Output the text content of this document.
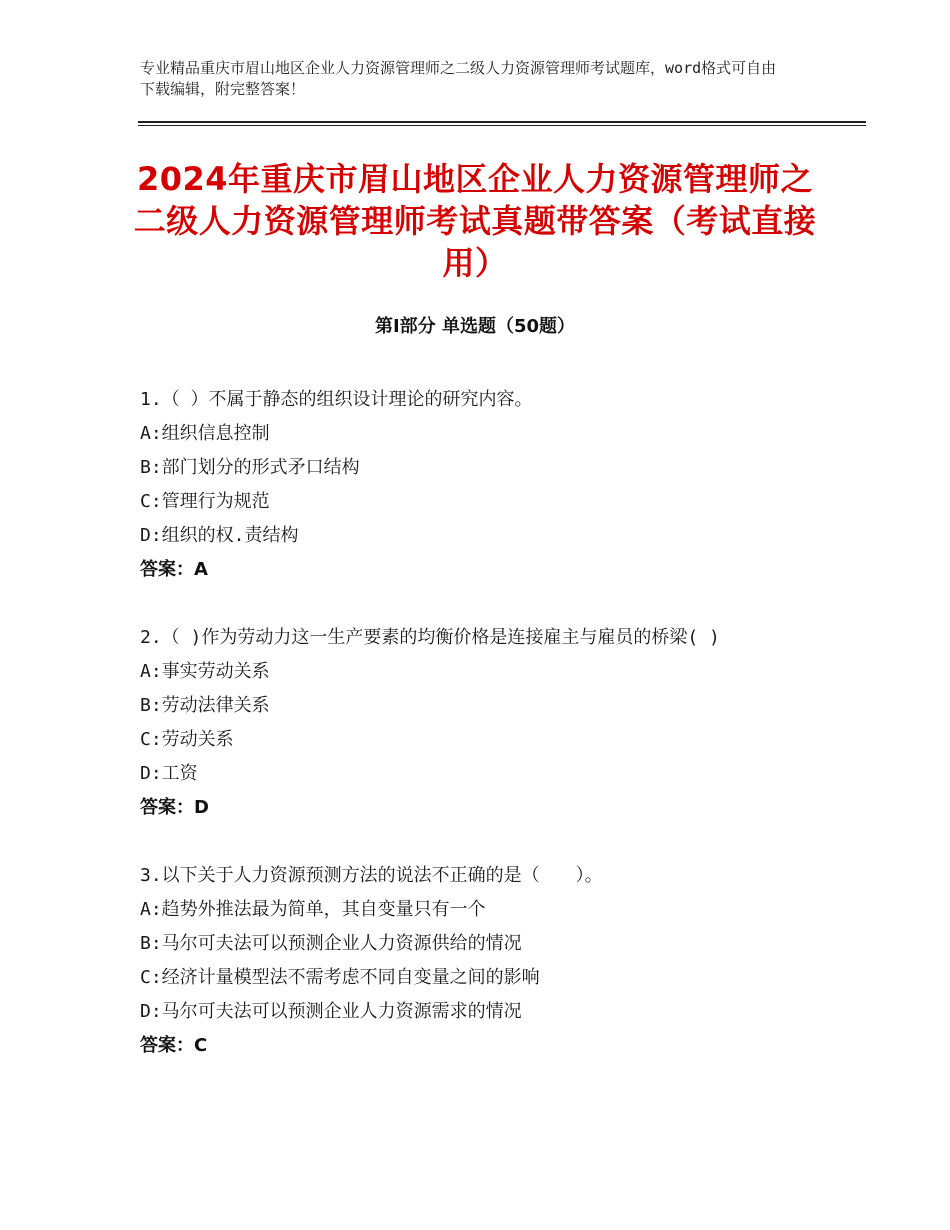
专业精品重庆市眉山地区企业人力资源管理师之二级人力资源管理师考试题库，word格式可自由下载编辑，附完整答案！
2024年重庆市眉山地区企业人力资源管理师之二级人力资源管理师考试真题带答案（考试直接用）
第Ⅰ部分 单选题（50题）
1.（ ）不属于静态的组织设计理论的研究内容。
A:组织信息控制
B:部门划分的形式矛口结构
C:管理行为规范
D:组织的权.责结构
答案：A
2.（ )作为劳动力这一生产要素的均衡价格是连接雇主与雇员的桥梁( )
A:事实劳动关系
B:劳动法律关系
C:劳动关系
D:工资
答案：D
3.以下关于人力资源预测方法的说法不正确的是（　　）。
A:趋势外推法最为简单，其自变量只有一个
B:马尔可夫法可以预测企业人力资源供给的情况
C:经济计量模型法不需考虑不同自变量之间的影响
D:马尔可夫法可以预测企业人力资源需求的情况
答案：C
